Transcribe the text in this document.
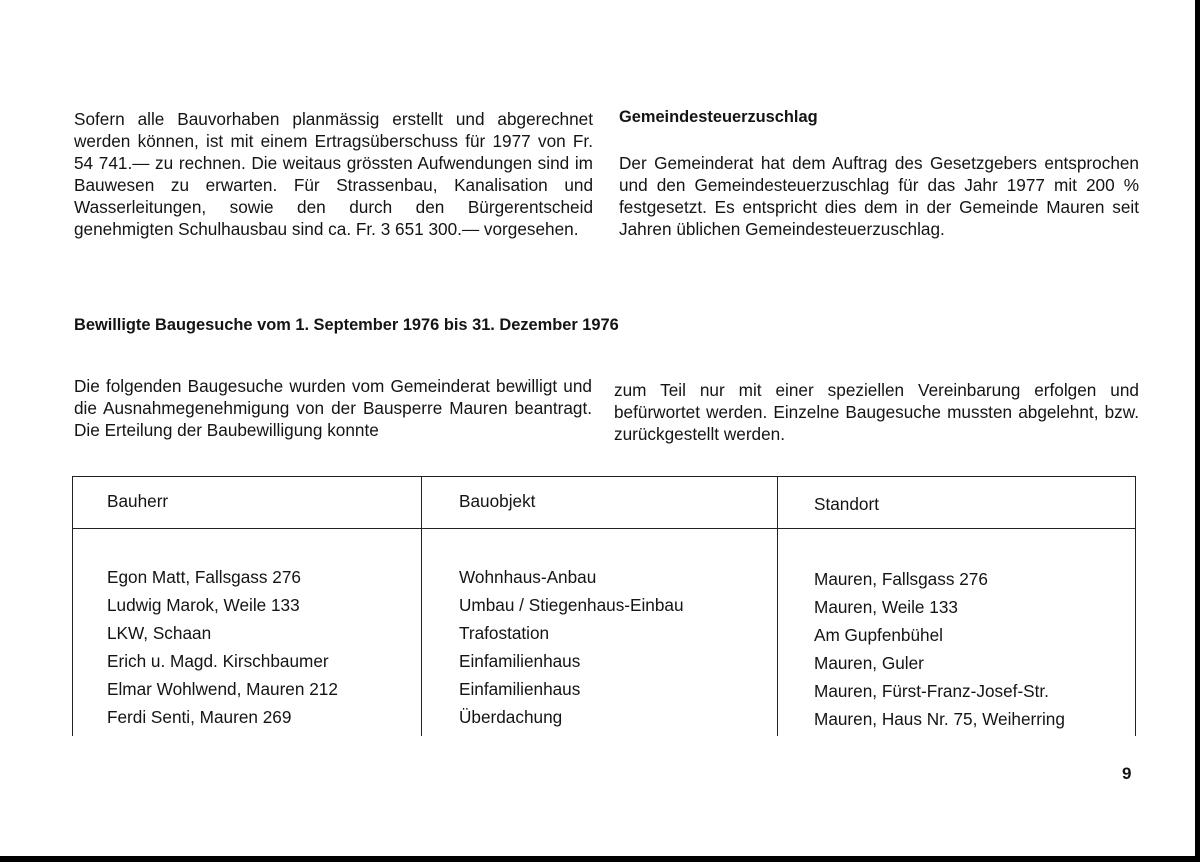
Sofern alle Bauvorhaben planmässig erstellt und abgerechnet werden können, ist mit einem Ertragsüberschuss für 1977 von Fr. 54 741.— zu rechnen. Die weitaus grössten Aufwendungen sind im Bauwesen zu erwarten. Für Strassenbau, Kanalisation und Wasserleitungen, sowie den durch den Bürgerentscheid genehmigten Schulhausbau sind ca. Fr. 3 651 300.— vorgesehen.

Gemeindesteuerzuschlag

Der Gemeinderat hat dem Auftrag des Gesetzgebers entsprochen und den Gemeindesteuerzuschlag für das Jahr 1977 mit 200 % festgesetzt. Es entspricht dies dem in der Gemeinde Mauren seit Jahren üblichen Gemeindesteuerzuschlag.

Bewilligte Baugesuche vom 1. September 1976 bis 31. Dezember 1976

Die folgenden Baugesuche wurden vom Gemeinderat bewilligt und die Ausnahmegenehmigung von der Bausperre Mauren beantragt. Die Erteilung der Baubewilligung konnte

zum Teil nur mit einer speziellen Vereinbarung erfolgen und befürwortet werden. Einzelne Baugesuche mussten abgelehnt, bzw. zurückgestellt werden.

Bauherr	Bauobjekt	Standort
Egon Matt, Fallsgass 276
Ludwig Marok, Weile 133
LKW, Schaan
Erich u. Magd. Kirschbaumer
Elmar Wohlwend, Mauren 212
Ferdi Senti, Mauren 269
Wohnhaus-Anbau
Umbau / Stiegenhaus-Einbau
Trafostation
Einfamilienhaus
Einfamilienhaus
Überdachung
Mauren, Fallsgass 276
Mauren, Weile 133
Am Gupfenbühel
Mauren, Guler
Mauren, Fürst-Franz-Josef-Str.
Mauren, Haus Nr. 75, Weiherring
9
